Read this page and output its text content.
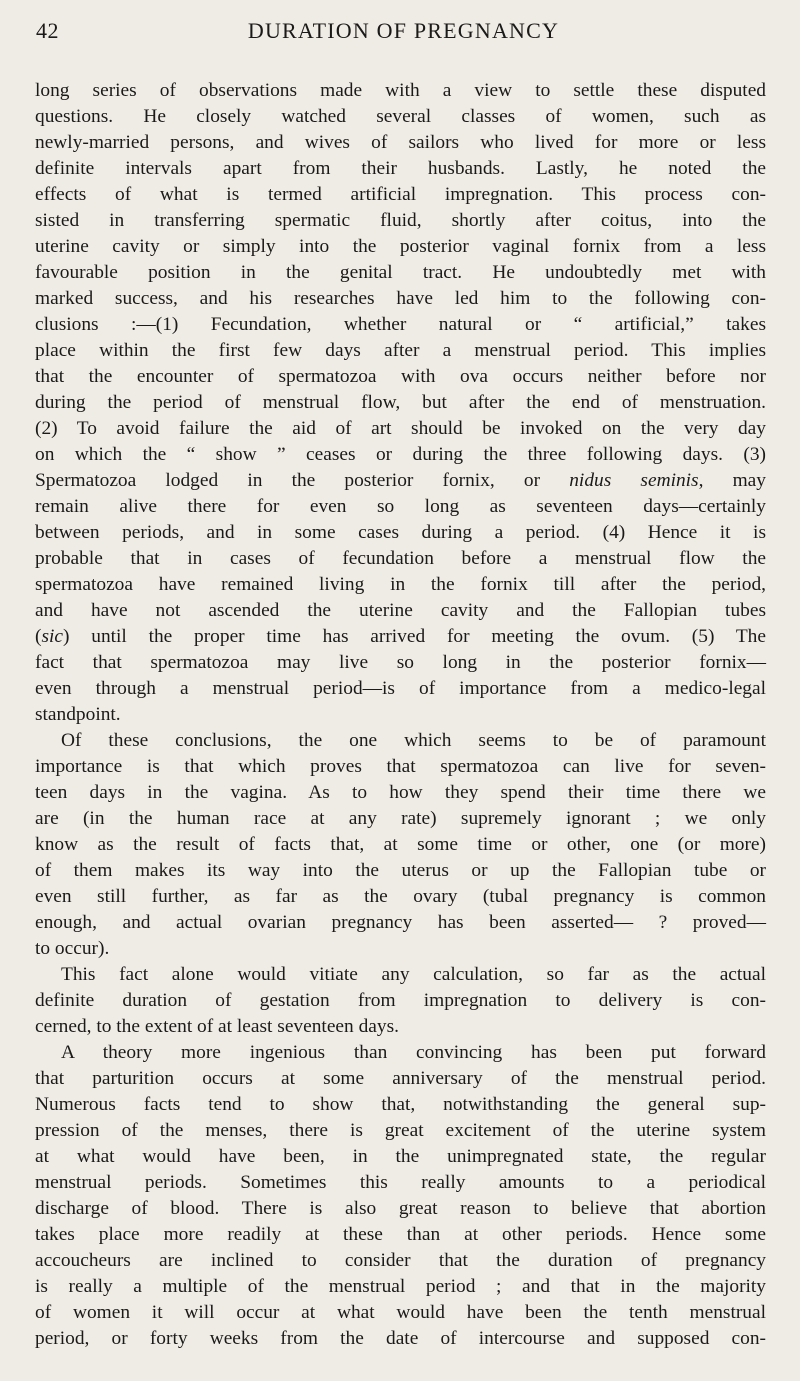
42	DURATION OF PREGNANCY
long series of observations made with a view to settle these disputed
questions. He closely watched several classes of women, such as
newly-married persons, and wives of sailors who lived for more or less
definite intervals apart from their husbands. Lastly, he noted the
effects of what is termed artificial impregnation. This process con-
sisted in transferring spermatic fluid, shortly after coitus, into the
uterine cavity or simply into the posterior vaginal fornix from a less
favourable position in the genital tract. He undoubtedly met with
marked success, and his researches have led him to the following con-
clusions :—(1) Fecundation, whether natural or “ artificial,” takes
place within the first few days after a menstrual period. This implies
that the encounter of spermatozoa with ova occurs neither before nor
during the period of menstrual flow, but after the end of menstruation.
(2) To avoid failure the aid of art should be invoked on the very day
on which the “ show ” ceases or during the three following days. (3)
Spermatozoa lodged in the posterior fornix, or nidus seminis, may
remain alive there for even so long as seventeen days—certainly
between periods, and in some cases during a period. (4) Hence it is
probable that in cases of fecundation before a menstrual flow the
spermatozoa have remained living in the fornix till after the period,
and have not ascended the uterine cavity and the Fallopian tubes
(sic) until the proper time has arrived for meeting the ovum. (5) The
fact that spermatozoa may live so long in the posterior fornix—
even through a menstrual period—is of importance from a medico-legal
standpoint.
Of these conclusions, the one which seems to be of paramount
importance is that which proves that spermatozoa can live for seven-
teen days in the vagina. As to how they spend their time there we
are (in the human race at any rate) supremely ignorant ; we only
know as the result of facts that, at some time or other, one (or more)
of them makes its way into the uterus or up the Fallopian tube or
even still further, as far as the ovary (tubal pregnancy is common
enough, and actual ovarian pregnancy has been asserted— ? proved—
to occur).
This fact alone would vitiate any calculation, so far as the actual
definite duration of gestation from impregnation to delivery is con-
cerned, to the extent of at least seventeen days.
A theory more ingenious than convincing has been put forward
that parturition occurs at some anniversary of the menstrual period.
Numerous facts tend to show that, notwithstanding the general sup-
pression of the menses, there is great excitement of the uterine system
at what would have been, in the unimpregnated state, the regular
menstrual periods. Sometimes this really amounts to a periodical
discharge of blood. There is also great reason to believe that abortion
takes place more readily at these than at other periods. Hence some
accoucheurs are inclined to consider that the duration of pregnancy
is really a multiple of the menstrual period ; and that in the majority
of women it will occur at what would have been the tenth menstrual
period, or forty weeks from the date of intercourse and supposed con-
